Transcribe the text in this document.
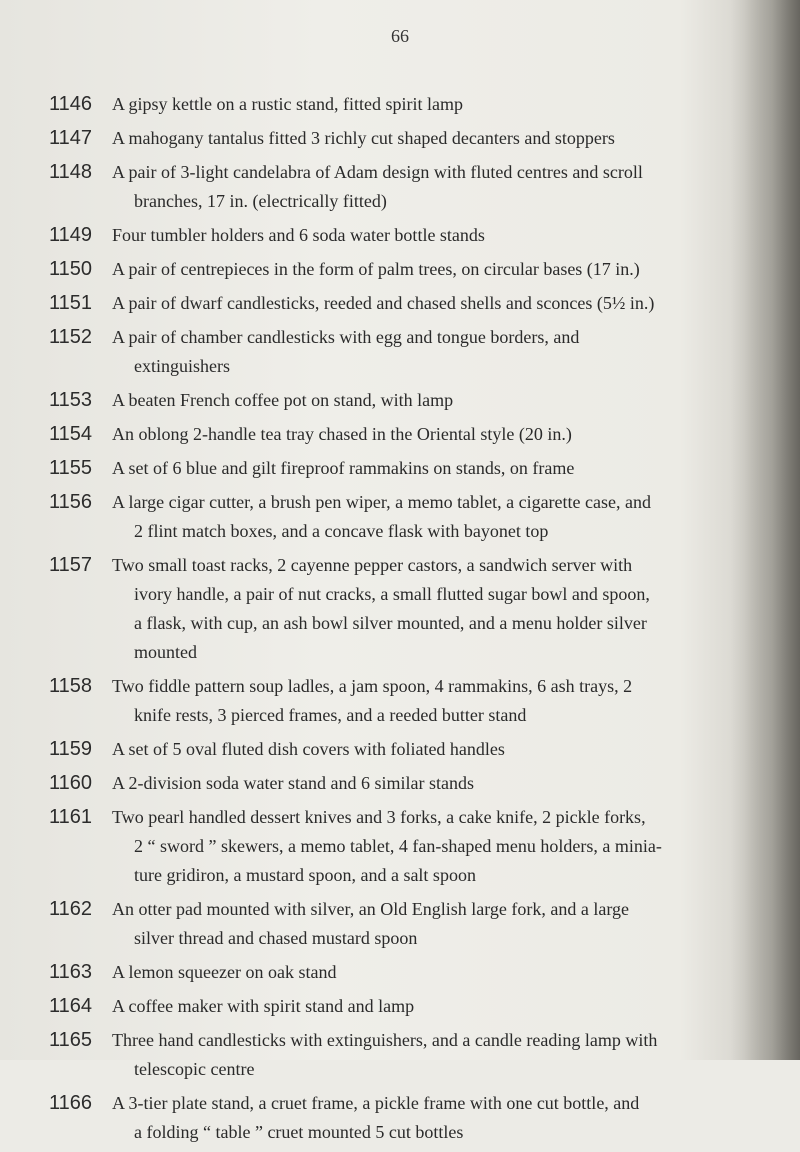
66
1146	A gipsy kettle on a rustic stand, fitted spirit lamp
1147	A mahogany tantalus fitted 3 richly cut shaped decanters and stoppers
1148	A pair of 3-light candelabra of Adam design with fluted centres and scroll
branches, 17 in. (electrically fitted)
1149	Four tumbler holders and 6 soda water bottle stands
1150	A pair of centrepieces in the form of palm trees, on circular bases (17 in.)
1151	A pair of dwarf candlesticks, reeded and chased shells and sconces (5½ in.)
1152	A pair of chamber candlesticks with egg and tongue borders, and
extinguishers
1153	A beaten French coffee pot on stand, with lamp
1154	An oblong 2-handle tea tray chased in the Oriental style (20 in.)
1155	A set of 6 blue and gilt fireproof rammakins on stands, on frame
1156	A large cigar cutter, a brush pen wiper, a memo tablet, a cigarette case, and
2 flint match boxes, and a concave flask with bayonet top
1157	Two small toast racks, 2 cayenne pepper castors, a sandwich server with
ivory handle, a pair of nut cracks, a small flutted sugar bowl and spoon,
a flask, with cup, an ash bowl silver mounted, and a menu holder silver
mounted
1158	Two fiddle pattern soup ladles, a jam spoon, 4 rammakins, 6 ash trays, 2
knife rests, 3 pierced frames, and a reeded butter stand
1159	A set of 5 oval fluted dish covers with foliated handles
1160	A 2-division soda water stand and 6 similar stands
1161	Two pearl handled dessert knives and 3 forks, a cake knife, 2 pickle forks,
2 “ sword ” skewers, a memo tablet, 4 fan-shaped menu holders, a minia-
ture gridiron, a mustard spoon, and a salt spoon
1162	An otter pad mounted with silver, an Old English large fork, and a large
silver thread and chased mustard spoon
1163	A lemon squeezer on oak stand
1164	A coffee maker with spirit stand and lamp
1165	Three hand candlesticks with extinguishers, and a candle reading lamp with
telescopic centre
1166	A 3-tier plate stand, a cruet frame, a pickle frame with one cut bottle, and
a folding “ table ” cruet mounted 5 cut bottles
